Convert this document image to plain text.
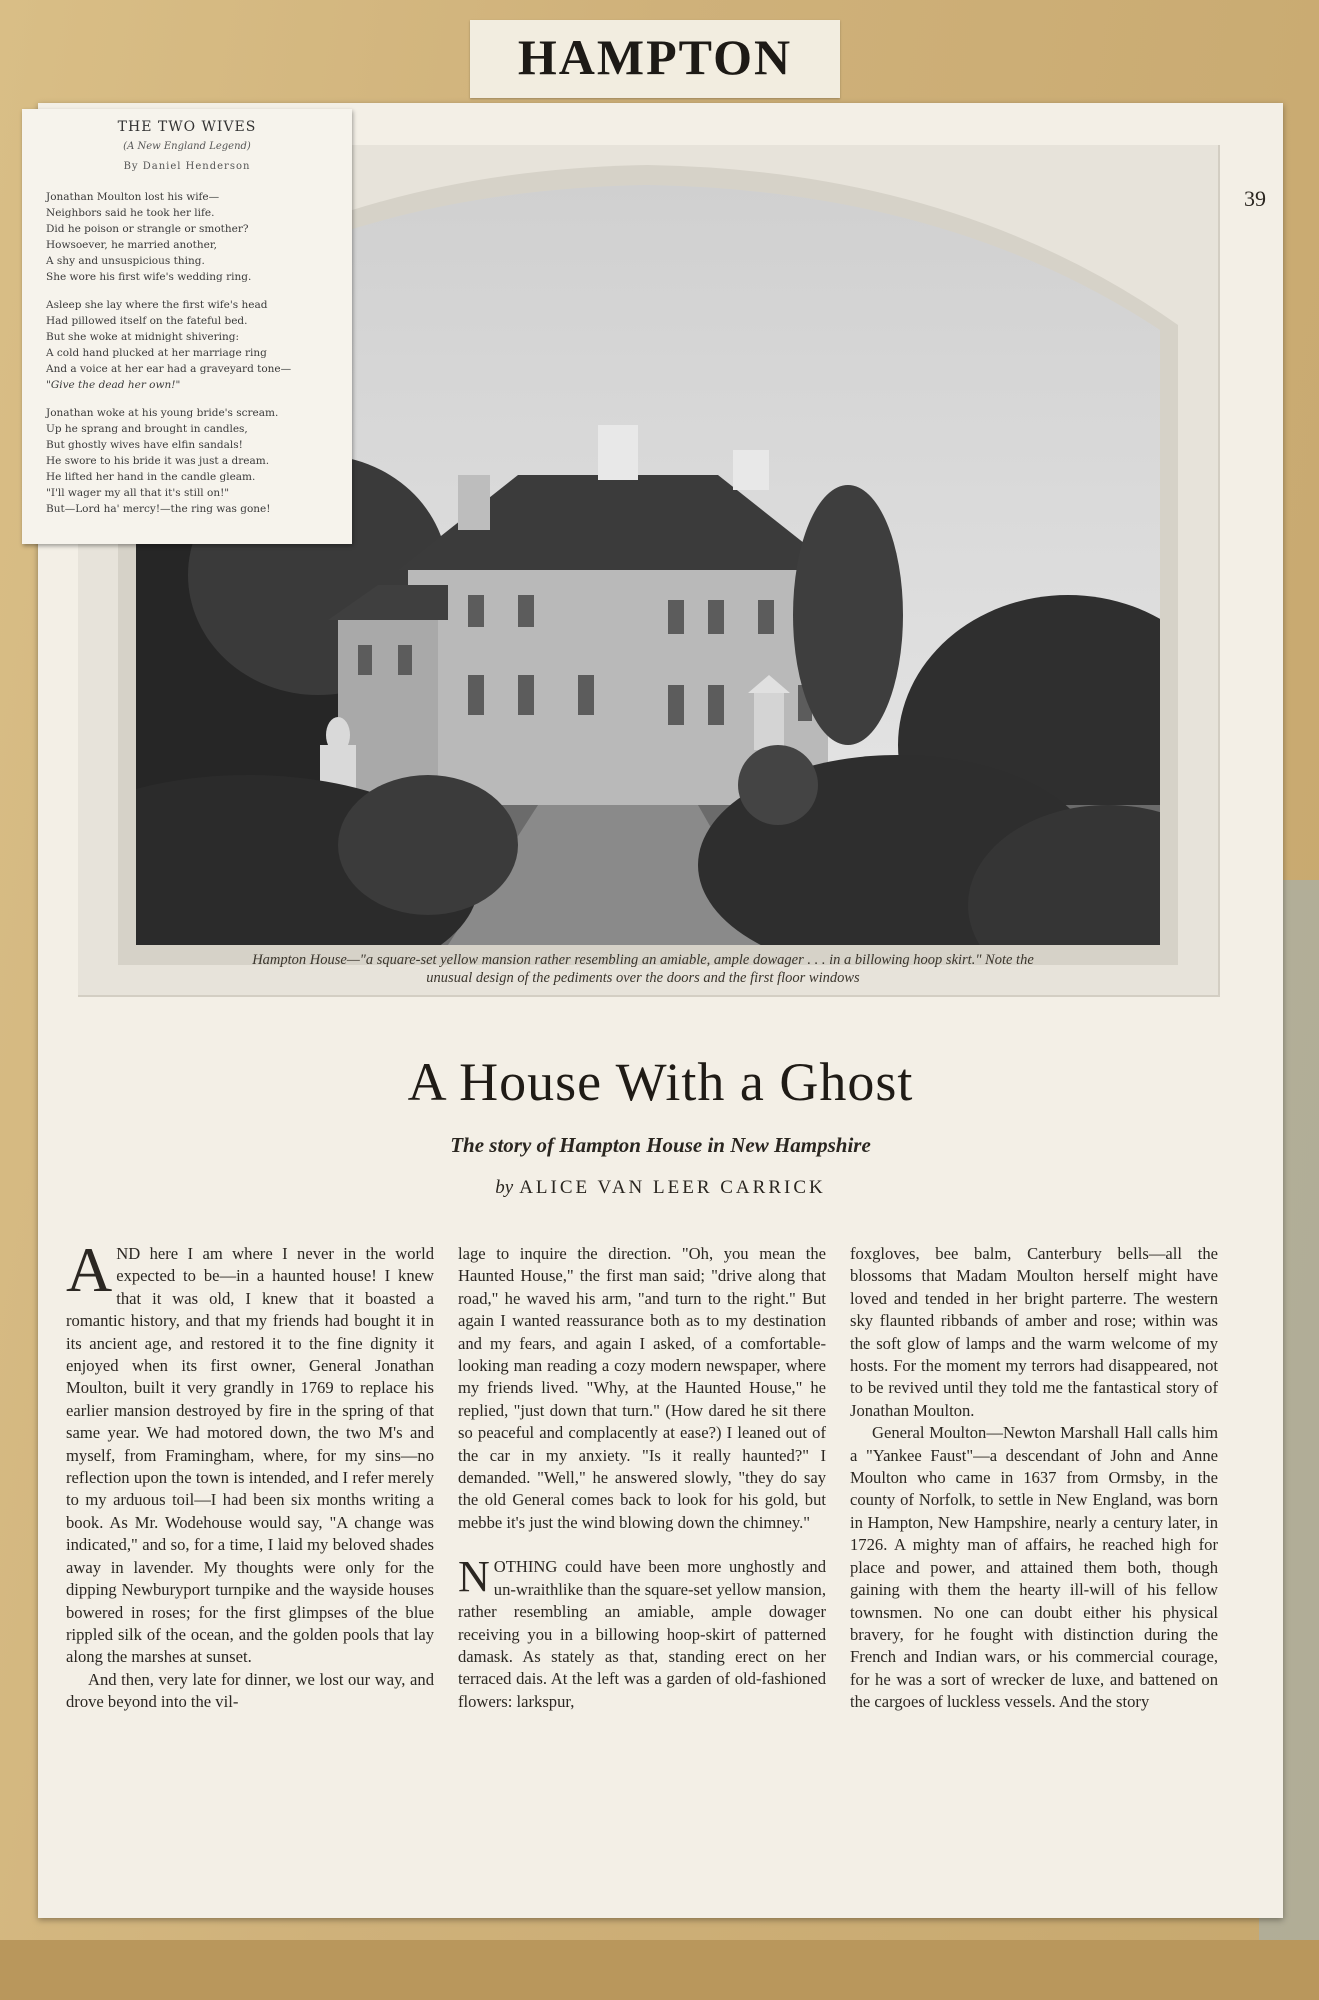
HAMPTON
39
THE TWO WIVES
(A New England Legend)
By Daniel Henderson
Jonathan Moulton lost his wife—
Neighbors said he took her life.
Did he poison or strangle or smother?
Howsoever, he married another,
A shy and unsuspicious thing.
She wore his first wife's wedding ring.
Asleep she lay where the first wife's head
Had pillowed itself on the fateful bed.
But she woke at midnight shivering:
A cold hand plucked at her marriage ring
And a voice at her ear had a graveyard tone—
"Give the dead her own!"
Jonathan woke at his young bride's scream.
Up he sprang and brought in candles,
But ghostly wives have elfin sandals!
He swore to his bride it was just a dream.
He lifted her hand in the candle gleam.
"I'll wager my all that it's still on!"
But—Lord ha' mercy!—the ring was gone!
Hampton House—"a square-set yellow mansion rather resembling an amiable, ample dowager . . . in a billowing hoop skirt." Note the unusual design of the pediments over the doors and the first floor windows
A House With a Ghost
The story of Hampton House in New Hampshire
by ALICE VAN LEER CARRICK

AND here I am where I never in the world expected to be—in a haunted house! I knew that it was old, I knew that it boasted a romantic history, and that my friends had bought it in its ancient age, and restored it to the fine dignity it enjoyed when its first owner, General Jonathan Moulton, built it very grandly in 1769 to replace his earlier mansion destroyed by fire in the spring of that same year. We had motored down, the two M's and myself, from Framingham, where, for my sins—no reflection upon the town is intended, and I refer merely to my arduous toil—I had been six months writing a book. As Mr. Wodehouse would say, "A change was indicated," and so, for a time, I laid my beloved shades away in lavender. My thoughts were only for the dipping Newburyport turnpike and the wayside houses bowered in roses; for the first glimpses of the blue rippled silk of the ocean, and the golden pools that lay along the marshes at sunset.

And then, very late for dinner, we lost our way, and drove beyond into the vil-

lage to inquire the direction. "Oh, you mean the Haunted House," the first man said; "drive along that road," he waved his arm, "and turn to the right." But again I wanted reassurance both as to my destination and my fears, and again I asked, of a comfortable-looking man reading a cozy modern newspaper, where my friends lived. "Why, at the Haunted House," he replied, "just down that turn." (How dared he sit there so peaceful and complacently at ease?) I leaned out of the car in my anxiety. "Is it really haunted?" I demanded. "Well," he answered slowly, "they do say the old General comes back to look for his gold, but mebbe it's just the wind blowing down the chimney."

NOTHING could have been more unghostly and un-wraithlike than the square-set yellow mansion, rather resembling an amiable, ample dowager receiving you in a billowing hoop-skirt of patterned damask. As stately as that, standing erect on her terraced dais. At the left was a garden of old-fashioned flowers: larkspur,

foxgloves, bee balm, Canterbury bells—all the blossoms that Madam Moulton herself might have loved and tended in her bright parterre. The western sky flaunted ribbands of amber and rose; within was the soft glow of lamps and the warm welcome of my hosts. For the moment my terrors had disappeared, not to be revived until they told me the fantastical story of Jonathan Moulton.

General Moulton—Newton Marshall Hall calls him a "Yankee Faust"—a descendant of John and Anne Moulton who came in 1637 from Ormsby, in the county of Norfolk, to settle in New England, was born in Hampton, New Hampshire, nearly a century later, in 1726. A mighty man of affairs, he reached high for place and power, and attained them both, though gaining with them the hearty ill-will of his fellow townsmen. No one can doubt either his physical bravery, for he fought with distinction during the French and Indian wars, or his commercial courage, for he was a sort of wrecker de luxe, and battened on the cargoes of luckless vessels. And the story
